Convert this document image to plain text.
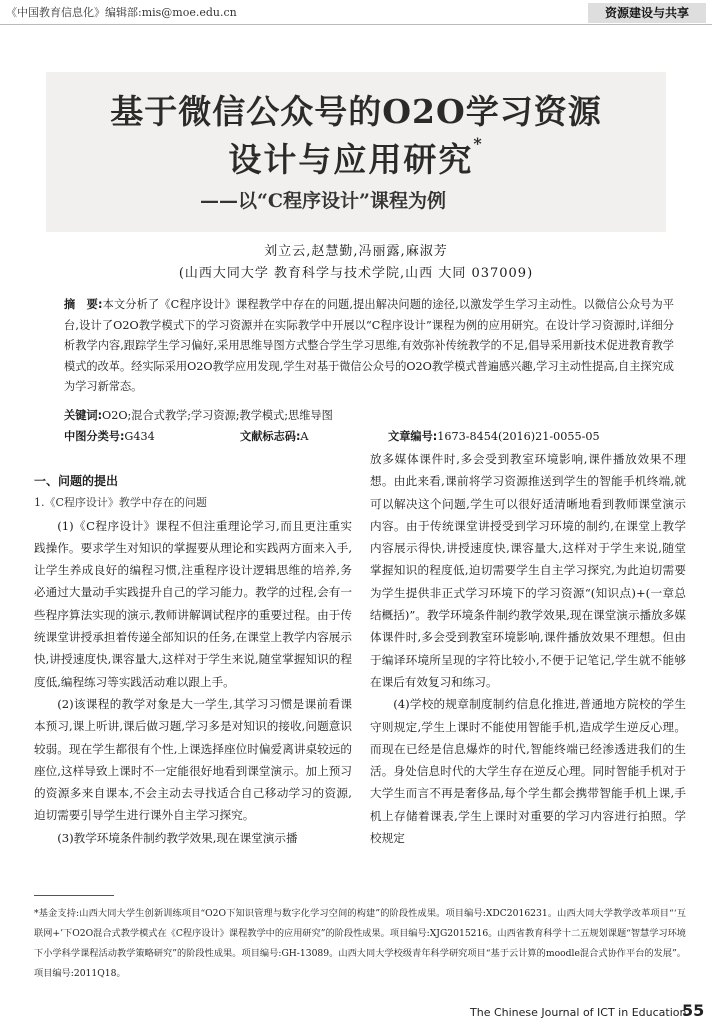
《中国教育信息化》编辑部:mis@moe.edu.cn	资源建设与共享
基于微信公众号的O2O学习资源
设计与应用研究*
——以“C程序设计”课程为例
刘立云,赵慧勤,冯丽露,麻淑芳
(山西大同大学 教育科学与技术学院,山西 大同 037009)
摘　要:本文分析了《C程序设计》课程教学中存在的问题,提出解决问题的途径,以激发学生学习主动性。以微信公众号为平台,设计了O2O教学模式下的学习资源并在实际教学中开展以“C程序设计”课程为例的应用研究。在设计学习资源时,详细分析教学内容,跟踪学生学习偏好,采用思维导图方式整合学生学习思维,有效弥补传统教学的不足,倡导采用新技术促进教育教学模式的改革。经实际采用O2O教学应用发现,学生对基于微信公众号的O2O教学模式普遍感兴趣,学习主动性提高,自主探究成为学习新常态。
关键词:O2O;混合式教学;学习资源;教学模式;思维导图
中图分类号:G434	文献标志码:A	文章编号:1673-8454(2016)21-0055-05
一、问题的提出
1.《C程序设计》教学中存在的问题

(1)《C程序设计》课程不但注重理论学习,而且更注重实践操作。要求学生对知识的掌握要从理论和实践两方面来入手,让学生养成良好的编程习惯,注重程序设计逻辑思维的培养,务必通过大量动手实践提升自己的学习能力。教学的过程,会有一些程序算法实现的演示,教师讲解调试程序的重要过程。由于传统课堂讲授承担着传递全部知识的任务,在课堂上教学内容展示快,讲授速度快,课容量大,这样对于学生来说,随堂掌握知识的程度低,编程练习等实践活动难以跟上手。

(2)该课程的教学对象是大一学生,其学习习惯是课前看课本预习,课上听讲,课后做习题,学习多是对知识的接收,问题意识较弱。现在学生都很有个性,上课选择座位时偏爱离讲桌较远的座位,这样导致上课时不一定能很好地看到课堂演示。加上预习的资源多来自课本,不会主动去寻找适合自己移动学习的资源,迫切需要引导学生进行课外自主学习探究。

(3)教学环境条件制约教学效果,现在课堂演示播

放多媒体课件时,多会受到教室环境影响,课件播放效果不理想。由此来看,课前将学习资源推送到学生的智能手机终端,就可以解决这个问题,学生可以很好适清晰地看到教师课堂演示内容。由于传统课堂讲授受到学习环境的制约,在课堂上教学内容展示得快,讲授速度快,课容量大,这样对于学生来说,随堂掌握知识的程度低,迫切需要学生自主学习探究,为此迫切需要为学生提供非正式学习环境下的学习资源“(知识点)+(一章总结概括)”。教学环境条件制约教学效果,现在课堂演示播放多媒体课件时,多会受到教室环境影响,课件播放效果不理想。但由于编译环境所呈现的字符比较小,不便于记笔记,学生就不能够在课后有效复习和练习。

(4)学校的规章制度制约信息化推进,普通地方院校的学生守则规定,学生上课时不能使用智能手机,造成学生逆反心理。而现在已经是信息爆炸的时代,智能终端已经渗透进我们的生活。身处信息时代的大学生存在逆反心理。同时智能手机对于大学生而言不再是奢侈品,每个学生都会携带智能手机上课,手机上存储着课表,学生上课时对重要的学习内容进行拍照。学校规定

*基金支持:山西大同大学生创新训练项目“O2O下知识管理与数字化学习空间的构建”的阶段性成果。项目编号:XDC2016231。山西大同大学教学改革项目“‘互联网+’下O2O混合式教学模式在《C程序设计》课程教学中的应用研究”的阶段性成果。项目编号:XJG2015216。山西省教育科学十二五规划课题“智慧学习环境下小学科学课程活动教学策略研究”的阶段性成果。项目编号:GH-13089。山西大同大学校级青年科学研究项目“基于云计算的moodle混合式协作平台的发展”。项目编号:2011Q18。
The Chinese Journal of ICT in Education
55
